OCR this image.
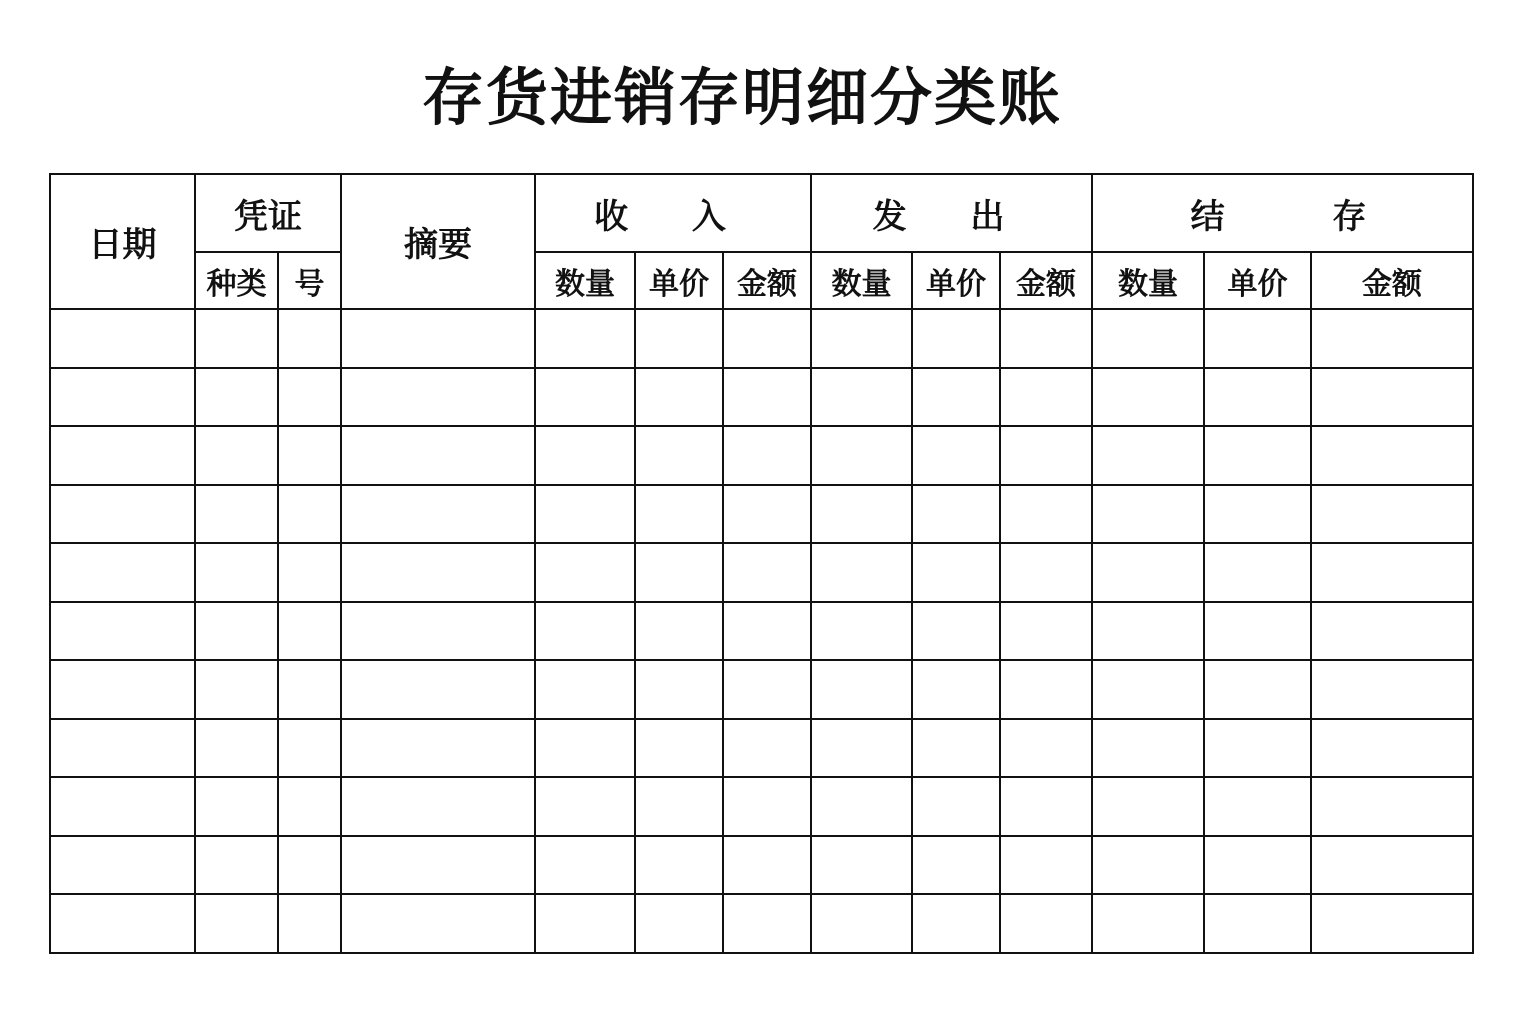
存货进销存明细分类账
日期	凭证		摘要	收 入			发 出			结 存		
	种类	号		数量	单价	金额	数量	单价	金额	数量	单价	金额
